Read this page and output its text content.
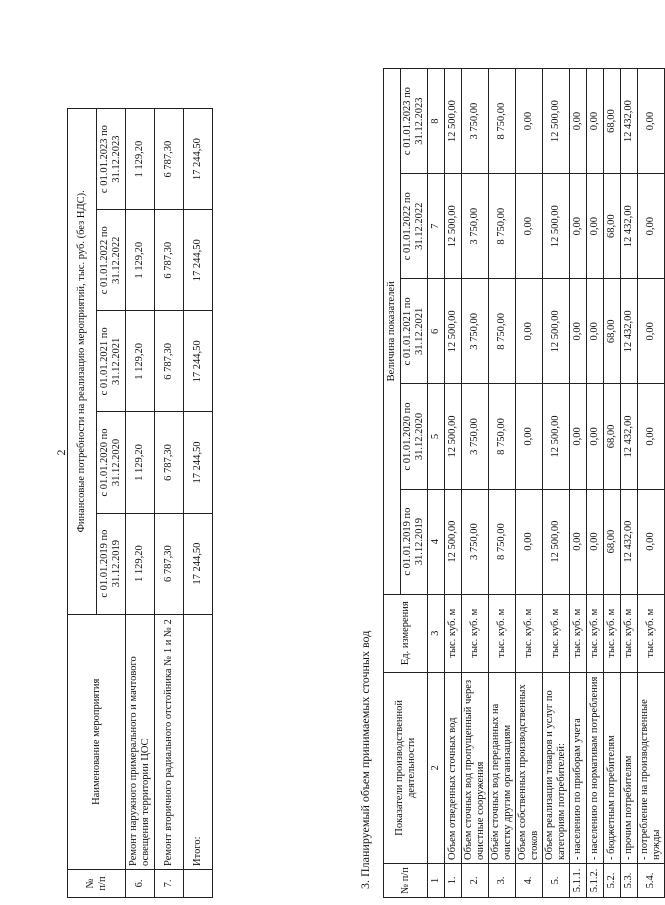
2
№ п/п	Наименование мероприятия	Финансовые потребности на реализацию мероприятий, тыс. руб. (без НДС).				
		с 01.01.2019 по 31.12.2019	с 01.01.2020 по 31.12.2020	с 01.01.2021 по 31.12.2021	с 01.01.2022 по 31.12.2022	с 01.01.2023 по 31.12.2023
6.	Ремонт наружного примерального и мачтового освещения территории ЦОС	1 129,20	1 129,20	1 129,20	1 129,20	1 129,20
7.	Ремонт вторичного радиального отстойника № 1 и № 2	6 787,30	6 787,30	6 787,30	6 787,30	6 787,30
	Итого:	17 244,50	17 244,50	17 244,50	17 244,50	17 244,50
3. Планируемый объем принимаемых сточных вод	№ п/п	Показатели производственной деятельности	Ед. измерения	Величина показателей				
			с 01.01.2019 по 31.12.2019	с 01.01.2020 по 31.12.2020	с 01.01.2021 по 31.12.2021	с 01.01.2022 по 31.12.2022	с 01.01.2023 по 31.12.2023
1	2	3	4	5	6	7	8
1.	Объем отведенных сточных вод	тыс. куб. м	12 500,00	12 500,00	12 500,00	12 500,00	12 500,00
2.	Объем сточных вод пропущенный через очистные сооружения	тыс. куб. м	3 750,00	3 750,00	3 750,00	3 750,00	3 750,00
3.	Объём сточных вод переданных на очистку другим организациям	тыс. куб. м	8 750,00	8 750,00	8 750,00	8 750,00	8 750,00
4.	Объем собственных производственных стоков	тыс. куб. м	0,00	0,00	0,00	0,00	0,00
5.	Объем реализации товаров и услуг по категориям потребителей:	тыс. куб. м	12 500,00	12 500,00	12 500,00	12 500,00	12 500,00
5.1.1.	- населению по приборам учета	тыс. куб. м	0,00	0,00	0,00	0,00	0,00
5.1.2.	- населению по нормативам потребления	тыс. куб. м	0,00	0,00	0,00	0,00	0,00
5.2.	- бюджетным потребителям	тыс. куб. м	68,00	68,00	68,00	68,00	68,00
5.3.	- прочим потребителям	тыс. куб. м	12 432,00	12 432,00	12 432,00	12 432,00	12 432,00
5.4.	- потребление на производственные нужды	тыс. куб. м	0,00	0,00	0,00	0,00	0,00
